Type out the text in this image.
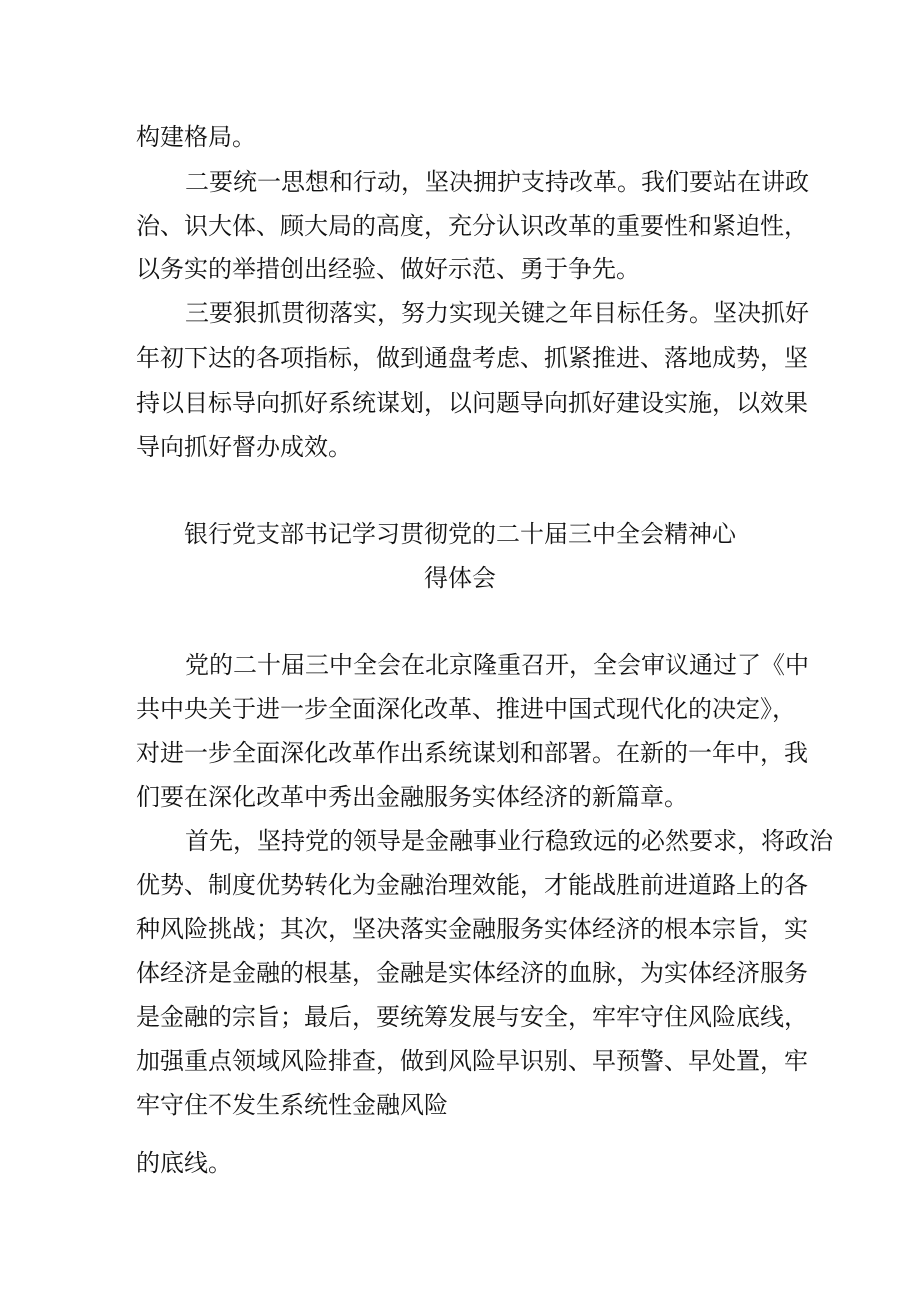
构建格局。
二要统一思想和行动，坚决拥护支持改革。我们要站在讲政
治、识大体、顾大局的高度，充分认识改革的重要性和紧迫性，
以务实的举措创出经验、做好示范、勇于争先。
三要狠抓贯彻落实，努力实现关键之年目标任务。坚决抓好
年初下达的各项指标，做到通盘考虑、抓紧推进、落地成势，坚
持以目标导向抓好系统谋划，以问题导向抓好建设实施，以效果
导向抓好督办成效。
银行党支部书记学习贯彻党的二十届三中全会精神心
得体会
党的二十届三中全会在北京隆重召开，全会审议通过了《中
共中央关于进一步全面深化改革、推进中国式现代化的决定》，
对进一步全面深化改革作出系统谋划和部署。在新的一年中，我
们要在深化改革中秀出金融服务实体经济的新篇章。
首先，坚持党的领导是金融事业行稳致远的必然要求，将政治
优势、制度优势转化为金融治理效能，才能战胜前进道路上的各
种风险挑战；其次，坚决落实金融服务实体经济的根本宗旨，实
体经济是金融的根基，金融是实体经济的血脉，为实体经济服务
是金融的宗旨；最后，要统筹发展与安全，牢牢守住风险底线，
加强重点领域风险排查，做到风险早识别、早预警、早处置，牢
牢守住不发生系统性金融风险
的底线。
